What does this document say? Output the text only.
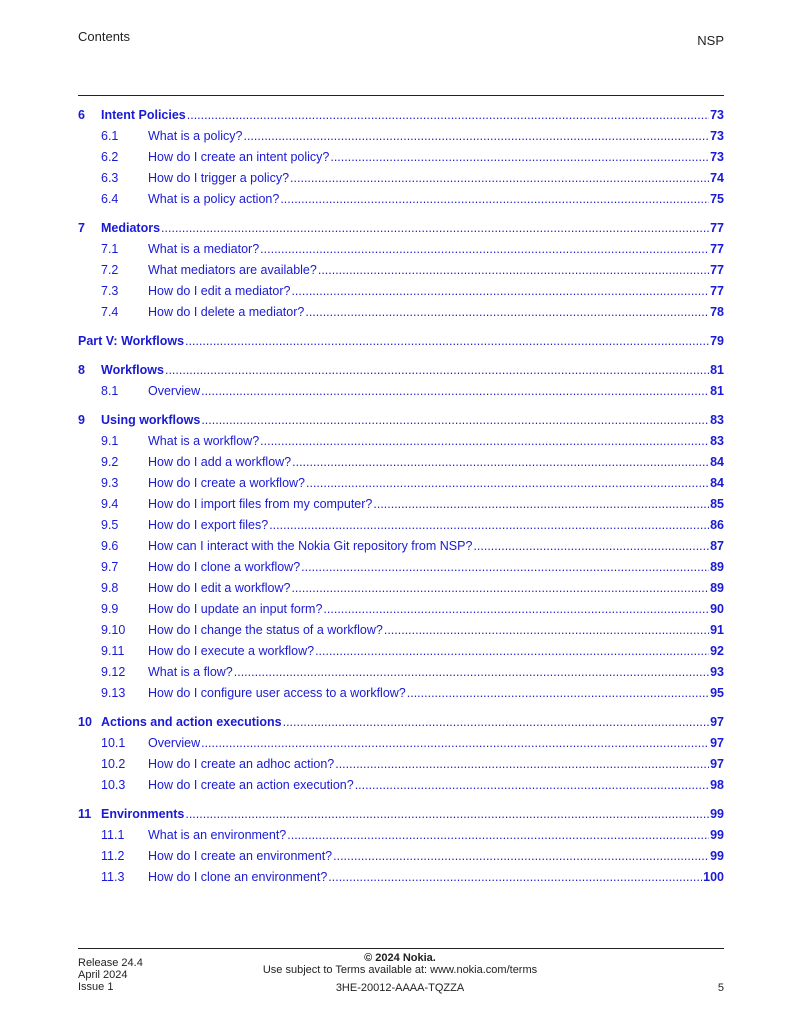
Contents	NSP
6	Intent Policies .....	73
6.1	What is a policy? .....	73
6.2	How do I create an intent policy? .....	73
6.3	How do I trigger a policy? .....	74
6.4	What is a policy action? .....	75
7	Mediators .....	77
7.1	What is a mediator? .....	77
7.2	What mediators are available? .....	77
7.3	How do I edit a mediator? .....	77
7.4	How do I delete a mediator? .....	78
Part V: Workflows .....	79
8	Workflows .....	81
8.1	Overview .....	81
9	Using workflows .....	83
9.1	What is a workflow? .....	83
9.2	How do I add a workflow? .....	84
9.3	How do I create a workflow? .....	84
9.4	How do I import files from my computer? .....	85
9.5	How do I export files? .....	86
9.6	How can I interact with the Nokia Git repository from NSP? .....	87
9.7	How do I clone a workflow? .....	89
9.8	How do I edit a workflow? .....	89
9.9	How do I update an input form? .....	90
9.10	How do I change the status of a workflow? .....	91
9.11	How do I execute a workflow? .....	92
9.12	What is a flow? .....	93
9.13	How do I configure user access to a workflow? .....	95
10 Actions and action executions .....	97
10.1	Overview .....	97
10.2	How do I create an adhoc action? .....	97
10.3	How do I create an action execution? .....	98
11 Environments .....	99
11.1	What is an environment? .....	99
11.2	How do I create an environment? .....	99
11.3	How do I clone an environment? .....	100
Release 24.4
April 2024
Issue 1
© 2024 Nokia.
Use subject to Terms available at: www.nokia.com/terms
3HE-20012-AAAA-TQZZA	5
